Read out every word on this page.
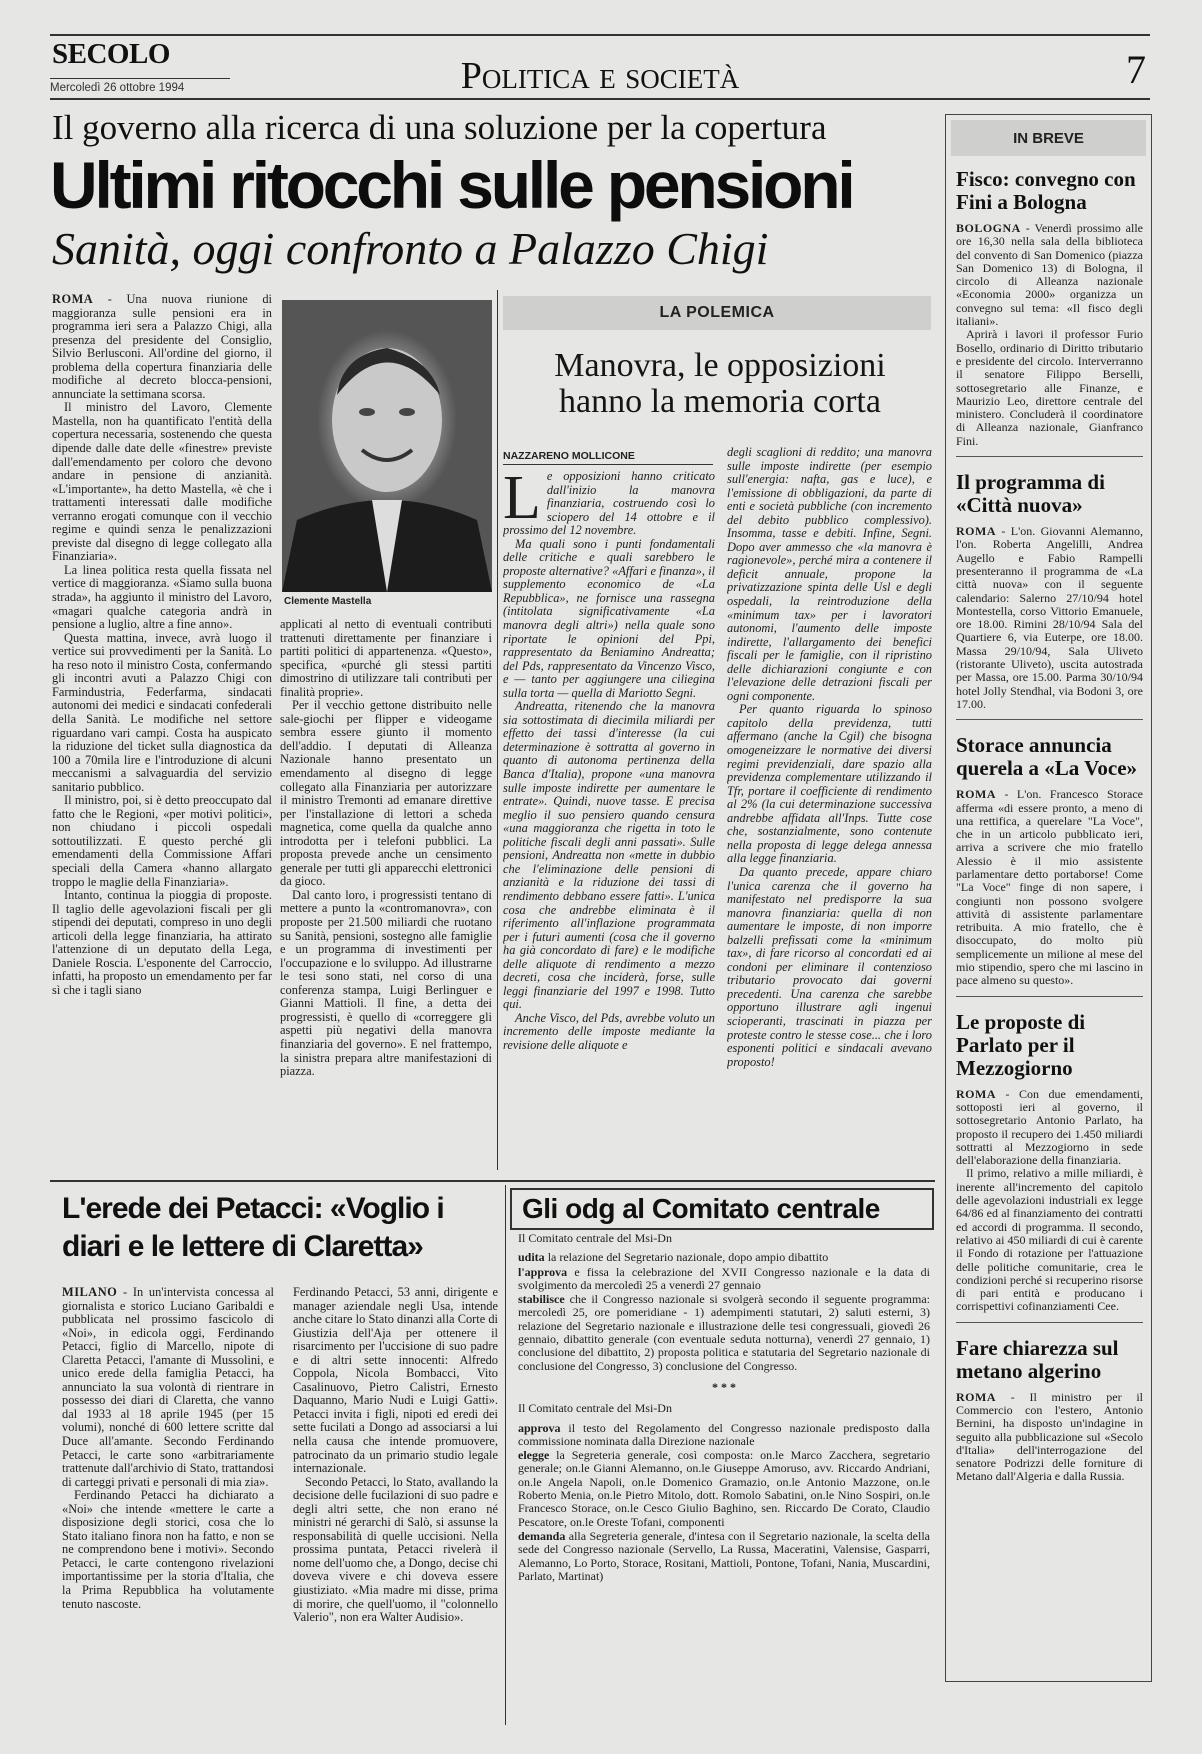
SECOLO
Mercoledì 26 ottobre 1994	Politica e società	7
Il governo alla ricerca di una soluzione per la copertura
Ultimi ritocchi sulle pensioni
Sanità, oggi confronto a Palazzo Chigi

ROMA - Una nuova riunione di maggioranza sulle pensioni era in programma ieri sera a Palazzo Chigi, alla presenza del presidente del Consiglio, Silvio Berlusconi. All'ordine del giorno, il problema della copertura finanziaria delle modifiche al decreto blocca-pensioni, annunciate la settimana scorsa.

Il ministro del Lavoro, Clemente Mastella, non ha quantificato l'entità della copertura necessaria, sostenendo che questa dipende dalle date delle «finestre» previste dall'emendamento per coloro che devono andare in pensione di anzianità. «L'importante», ha detto Mastella, «è che i trattamenti interessati dalle modifiche verranno erogati comunque con il vecchio regime e quindi senza le penalizzazioni previste dal disegno di legge collegato alla Finanziaria».

La linea politica resta quella fissata nel vertice di maggioranza. «Siamo sulla buona strada», ha aggiunto il ministro del Lavoro, «magari qualche categoria andrà in pensione a luglio, altre a fine anno».

Questa mattina, invece, avrà luogo il vertice sui provvedimenti per la Sanità. Lo ha reso noto il ministro Costa, confermando gli incontri avuti a Palazzo Chigi con Farmindustria, Federfarma, sindacati autonomi dei medici e sindacati confederali della Sanità. Le modifiche nel settore riguardano vari campi. Costa ha auspicato la riduzione del ticket sulla diagnostica da 100 a 70mila lire e l'introduzione di alcuni meccanismi a salvaguardia del servizio sanitario pubblico.

Il ministro, poi, si è detto preoccupato dal fatto che le Regioni, «per motivi politici», non chiudano i piccoli ospedali sottoutilizzati. E questo perché gli emendamenti della Commissione Affari speciali della Camera «hanno allargato troppo le maglie della Finanziaria».

Intanto, continua la pioggia di proposte. Il taglio delle agevolazioni fiscali per gli stipendi dei deputati, compreso in uno degli articoli della legge finanziaria, ha attirato l'attenzione di un deputato della Lega, Daniele Roscia. L'esponente del Carroccio, infatti, ha proposto un emendamento per far sì che i tagli siano

Clemente Mastella

applicati al netto di eventuali contributi trattenuti direttamente per finanziare i partiti politici di appartenenza. «Questo», specifica, «purché gli stessi partiti dimostrino di utilizzare tali contributi per finalità proprie».

Per il vecchio gettone distribuito nelle sale-giochi per flipper e videogame sembra essere giunto il momento dell'addio. I deputati di Alleanza Nazionale hanno presentato un emendamento al disegno di legge collegato alla Finanziaria per autorizzare il ministro Tremonti ad emanare direttive per l'installazione di lettori a scheda magnetica, come quella da qualche anno introdotta per i telefoni pubblici. La proposta prevede anche un censimento generale per tutti gli apparecchi elettronici da gioco.

Dal canto loro, i progressisti tentano di mettere a punto la «contromanovra», con proposte per 21.500 miliardi che ruotano su Sanità, pensioni, sostegno alle famiglie e un programma di investimenti per l'occupazione e lo sviluppo. Ad illustrarne le tesi sono stati, nel corso di una conferenza stampa, Luigi Berlinguer e Gianni Mattioli. Il fine, a detta dei progressisti, è quello di «correggere gli aspetti più negativi della manovra finanziaria del governo». E nel frattempo, la sinistra prepara altre manifestazioni di piazza.

LA POLEMICA
Manovra, le opposizioni hanno la memoria corta
NAZZARENO MOLLICONE

Le opposizioni hanno criticato dall'inizio la manovra finanziaria, costruendo così lo sciopero del 14 ottobre e il prossimo del 12 novembre.

Ma quali sono i punti fondamentali delle critiche e quali sarebbero le proposte alternative? «Affari e finanza», il supplemento economico de «La Repubblica», ne fornisce una rassegna (intitolata significativamente «La manovra degli altri») nella quale sono riportate le opinioni del Ppi, rappresentato da Beniamino Andreatta; del Pds, rappresentato da Vincenzo Visco, e — tanto per aggiungere una ciliegina sulla torta — quella di Mariotto Segni.

Andreatta, ritenendo che la manovra sia sottostimata di diecimila miliardi per effetto dei tassi d'interesse (la cui determinazione è sottratta al governo in quanto di autonoma pertinenza della Banca d'Italia), propone «una manovra sulle imposte indirette per aumentare le entrate». Quindi, nuove tasse. E precisa meglio il suo pensiero quando censura «una maggioranza che rigetta in toto le politiche fiscali degli anni passati». Sulle pensioni, Andreatta non «mette in dubbio che l'eliminazione delle pensioni di anzianità e la riduzione dei tassi di rendimento debbano essere fatti». L'unica cosa che andrebbe eliminata è il riferimento all'inflazione programmata per i futuri aumenti (cosa che il governo ha già concordato di fare) e le modifiche delle aliquote di rendimento a mezzo decreti, cosa che inciderà, forse, sulle leggi finanziarie del 1997 e 1998. Tutto qui.

Anche Visco, del Pds, avrebbe voluto un incremento delle imposte mediante la revisione delle aliquote e

degli scaglioni di reddito; una manovra sulle imposte indirette (per esempio sull'energia: nafta, gas e luce), e l'emissione di obbligazioni, da parte di enti e società pubbliche (con incremento del debito pubblico complessivo). Insomma, tasse e debiti. Infine, Segni. Dopo aver ammesso che «la manovra è ragionevole», perché mira a contenere il deficit annuale, propone la privatizzazione spinta delle Usl e degli ospedali, la reintroduzione della «minimum tax» per i lavoratori autonomi, l'aumento delle imposte indirette, l'allargamento dei benefici fiscali per le famiglie, con il ripristino delle dichiarazioni congiunte e con l'elevazione delle detrazioni fiscali per ogni componente.

Per quanto riguarda lo spinoso capitolo della previdenza, tutti affermano (anche la Cgil) che bisogna omogeneizzare le normative dei diversi regimi previdenziali, dare spazio alla previdenza complementare utilizzando il Tfr, portare il coefficiente di rendimento al 2% (la cui determinazione successiva andrebbe affidata all'Inps. Tutte cose che, sostanzialmente, sono contenute nella proposta di legge delega annessa alla legge finanziaria.

Da quanto precede, appare chiaro l'unica carenza che il governo ha manifestato nel predisporre la sua manovra finanziaria: quella di non aumentare le imposte, di non imporre balzelli prefissati come la «minimum tax», di fare ricorso al concordati ed ai condoni per eliminare il contenzioso tributario provocato dai governi precedenti. Una carenza che sarebbe opportuno illustrare agli ingenui scioperanti, trascinati in piazza per proteste contro le stesse cose... che i loro esponenti politici e sindacali avevano proposto!

L'erede dei Petacci: «Voglio i diari e le lettere di Claretta»

MILANO - In un'intervista concessa al giornalista e storico Luciano Garibaldi e pubblicata nel prossimo fascicolo di «Noi», in edicola oggi, Ferdinando Petacci, figlio di Marcello, nipote di Claretta Petacci, l'amante di Mussolini, e unico erede della famiglia Petacci, ha annunciato la sua volontà di rientrare in possesso dei diari di Claretta, che vanno dal 1933 al 18 aprile 1945 (per 15 volumi), nonché di 600 lettere scritte dal Duce all'amante. Secondo Ferdinando Petacci, le carte sono «arbitrariamente trattenute dall'archivio di Stato, trattandosi di carteggi privati e personali di mia zia».

Ferdinando Petacci ha dichiarato a «Noi» che intende «mettere le carte a disposizione degli storici, cosa che lo Stato italiano finora non ha fatto, e non se ne comprendono bene i motivi». Secondo Petacci, le carte contengono rivelazioni importantissime per la storia d'Italia, che la Prima Repubblica ha volutamente tenuto nascoste.

Ferdinando Petacci, 53 anni, dirigente e manager aziendale negli Usa, intende anche citare lo Stato dinanzi alla Corte di Giustizia dell'Aja per ottenere il risarcimento per l'uccisione di suo padre e di altri sette innocenti: Alfredo Coppola, Nicola Bombacci, Vito Casalinuovo, Pietro Calistri, Ernesto Daquanno, Mario Nudi e Luigi Gatti». Petacci invita i figli, nipoti ed eredi dei sette fucilati a Dongo ad associarsi a lui nella causa che intende promuovere, patrocinato da un primario studio legale internazionale.

Secondo Petacci, lo Stato, avallando la decisione delle fucilazioni di suo padre e degli altri sette, che non erano né ministri né gerarchi di Salò, si assunse la responsabilità di quelle uccisioni. Nella prossima puntata, Petacci rivelerà il nome dell'uomo che, a Dongo, decise chi doveva vivere e chi doveva essere giustiziato. «Mia madre mi disse, prima di morire, che quell'uomo, il "colonnello Valerio", non era Walter Audisio».

Gli odg al Comitato centrale

Il Comitato centrale del Msi-Dn

udita la relazione del Segretario nazionale, dopo ampio dibattito

l'approva e fissa la celebrazione del XVII Congresso nazionale e la data di svolgimento da mercoledì 25 a venerdì 27 gennaio

stabilisce che il Congresso nazionale si svolgerà secondo il seguente programma: mercoledì 25, ore pomeridiane - 1) adempimenti statutari, 2) saluti esterni, 3) relazione del Segretario nazionale e illustrazione delle tesi congressuali, giovedì 26 gennaio, dibattito generale (con eventuale seduta notturna), venerdì 27 gennaio, 1) conclusione del dibattito, 2) proposta politica e statutaria del Segretario nazionale di conclusione del Congresso, 3) conclusione del Congresso.

* * *

Il Comitato centrale del Msi-Dn

approva il testo del Regolamento del Congresso nazionale predisposto dalla commissione nominata dalla Direzione nazionale

elegge la Segreteria generale, così composta: on.le Marco Zacchera, segretario generale; on.le Gianni Alemanno, on.le Giuseppe Amoruso, avv. Riccardo Andriani, on.le Angela Napoli, on.le Domenico Gramazio, on.le Antonio Mazzone, on.le Roberto Menia, on.le Pietro Mitolo, dott. Romolo Sabatini, on.le Nino Sospiri, on.le Francesco Storace, on.le Cesco Giulio Baghino, sen. Riccardo De Corato, Claudio Pescatore, on.le Oreste Tofani, componenti

demanda alla Segreteria generale, d'intesa con il Segretario nazionale, la scelta della sede del Congresso nazionale (Servello, La Russa, Maceratini, Valensise, Gasparri, Alemanno, Lo Porto, Storace, Rositani, Mattioli, Pontone, Tofani, Nania, Muscardini, Parlato, Martinat)

IN BREVE
Fisco: convegno con Fini a Bologna

BOLOGNA - Venerdì prossimo alle ore 16,30 nella sala della biblioteca del convento di San Domenico (piazza San Domenico 13) di Bologna, il circolo di Alleanza nazionale «Economia 2000» organizza un convegno sul tema: «Il fisco degli italiani».

Aprirà i lavori il professor Furio Bosello, ordinario di Diritto tributario e presidente del circolo. Interverranno il senatore Filippo Berselli, sottosegretario alle Finanze, e Maurizio Leo, direttore centrale del ministero. Concluderà il coordinatore di Alleanza nazionale, Gianfranco Fini.

Il programma di «Città nuova»

ROMA - L'on. Giovanni Alemanno, l'on. Roberta Angelilli, Andrea Augello e Fabio Rampelli presenteranno il programma de «La città nuova» con il seguente calendario: Salerno 27/10/94 hotel Montestella, corso Vittorio Emanuele, ore 18.00. Rimini 28/10/94 Sala del Quartiere 6, via Euterpe, ore 18.00. Massa 29/10/94, Sala Uliveto (ristorante Uliveto), uscita autostrada per Massa, ore 15.00. Parma 30/10/94 hotel Jolly Stendhal, via Bodoni 3, ore 17.00.

Storace annuncia querela a «La Voce»

ROMA - L'on. Francesco Storace afferma «di essere pronto, a meno di una rettifica, a querelare "La Voce", che in un articolo pubblicato ieri, arriva a scrivere che mio fratello Alessio è il mio assistente parlamentare detto portaborse! Come "La Voce" finge di non sapere, i congiunti non possono svolgere attività di assistente parlamentare retribuita. A mio fratello, che è disoccupato, do molto più semplicemente un milione al mese del mio stipendio, spero che mi lascino in pace almeno su questo».

Le proposte di Parlato per il Mezzogiorno

ROMA - Con due emendamenti, sottoposti ieri al governo, il sottosegretario Antonio Parlato, ha proposto il recupero dei 1.450 miliardi sottratti al Mezzogiorno in sede dell'elaborazione della finanziaria.

Il primo, relativo a mille miliardi, è inerente all'incremento del capitolo delle agevolazioni industriali ex legge 64/86 ed al finanziamento dei contratti ed accordi di programma. Il secondo, relativo ai 450 miliardi di cui è carente il Fondo di rotazione per l'attuazione delle politiche comunitarie, crea le condizioni perché si recuperino risorse di pari entità e producano i corrispettivi cofinanziamenti Cee.

Fare chiarezza sul metano algerino

ROMA - Il ministro per il Commercio con l'estero, Antonio Bernini, ha disposto un'indagine in seguito alla pubblicazione sul «Secolo d'Italia» dell'interrogazione del senatore Podrizzi delle forniture di Metano dall'Algeria e dalla Russia.
